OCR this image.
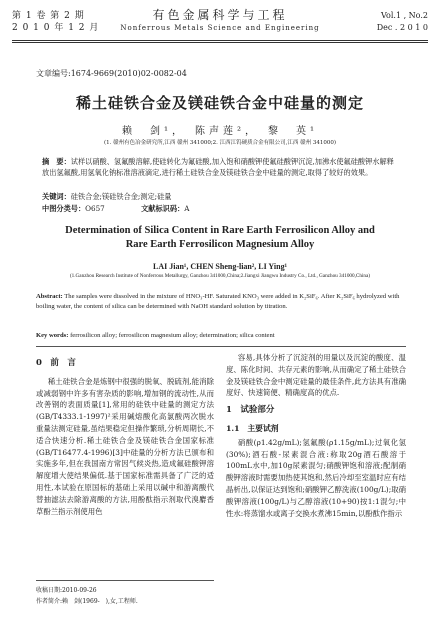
第 1 卷 第 2 期
2 0 1 0 年 1 2 月
有色金属科学与工程
Nonferrous Metals Science and Engineering
Vol.1 , No.2
Dec . 2 0 1 0
文章编号:1674-9669(2010)02-0082-04
稀土硅铁合金及镁硅铁合金中硅量的测定
赖　剑¹，　陈声莲²，　黎　英¹
(1. 赣州有色冶金研究所,江西 赣州 341000;2. 江西江钨硬质合金有限公司,江西 赣州 341000)
摘　要：试样以硝酸、氢氟酸溶解,使硅转化为氟硅酸,加入饱和硝酸钾使氟硅酸钾沉淀,加沸水使氟硅酸钾水解释放出氢氟酸,用氢氧化钠标准溶液滴定,进行稀土硅铁合金及镁硅铁合金中硅量的测定,取得了较好的效果。
关键词：硅铁合金;镁硅铁合金;测定;硅量
中图分类号：O657	文献标识码：A
Determination of Silica Content in Rare Earth Ferrosilicon Alloy and
Rare Earth Ferrosilicon Magnesium Alloy
LAI Jian¹, CHEN Sheng-lian², LI Ying¹
(1.Ganzhou Research Institute of Nonferrous Metallurgy, Ganzhou 341000,China;2.Jiangxi Jiangwu Industry Co., Ltd., Ganzhou 341000,China)
Abstract: The samples were dissolved in the mixture of HNO₃-HF. Saturated KNO₃ were added in K₂SiF₆. After K₂SiF₆ hydrolyzed with boiling water, the content of silica can be determined with NaOH standard solution by titration.
Key words: ferrosilicon alloy; ferrosilicon magnesium alloy; determination; silica content
0　前　言
稀土硅铁合金是炼钢中很强的脱氧、脱硫剂,能消除或减弱钢中许多有害杂质的影响,增加钢的流动性,从而改善钢的表面质量[1],常用的硅铁中硅量的测定方法(GB/T4333.1-1997)²采用碱熔酸化高氯酸两次脱水重量法测定硅量,虽结果稳定但操作繁琐,分析周期长,不适合快速分析.稀土硅铁合金及镁硅铁合金国家标准(GB/T16477.4-1996)[3]中硅量的分析方法已颁布和实施多年,但在我国南方常因气候炎热,造成氟硅酸钾溶解度增大使结果偏低.基于国家标准需具备了广泛的适用性,本试验在原国标的基础上采用以碱中和游离酸代替抽滤法去除游离酸的方法,用酚酞指示剂取代溴麝香草酚兰指示剂使用色
容易,具体分析了沉淀剂的用量以及沉淀的酸度、温度、陈化时间、共存元素的影响,从而确定了稀土硅铁合金及镁硅铁合金中测定硅量的最佳条件,此方法具有准确度好、快速简便、精确度高的优点.
1　试验部分
1.1　主要试剂
硝酸(ρ1.42g/mL);氢氟酸(ρ1.15g/mL);过氧化氢(30%);酒石酸-尿素混合液:称取20g酒石酸溶于100mL水中,加10g尿素混匀;硝酸钾饱和溶液;配制硝酸钾溶液时需要加热使其饱和,然后冷却至室温时应有结晶析出,以保证达到饱和;硝酸钾乙醇洗液(100g/L);取硝酸钾溶液(100g/L)与乙醇溶液(10+90)按1:1混匀;中性水:将蒸馏水或离子交换水煮沸15min,以酚酞作指示
收稿日期:2010-09-26
作者简介:赖　剑(1969-　),女,工程师.
